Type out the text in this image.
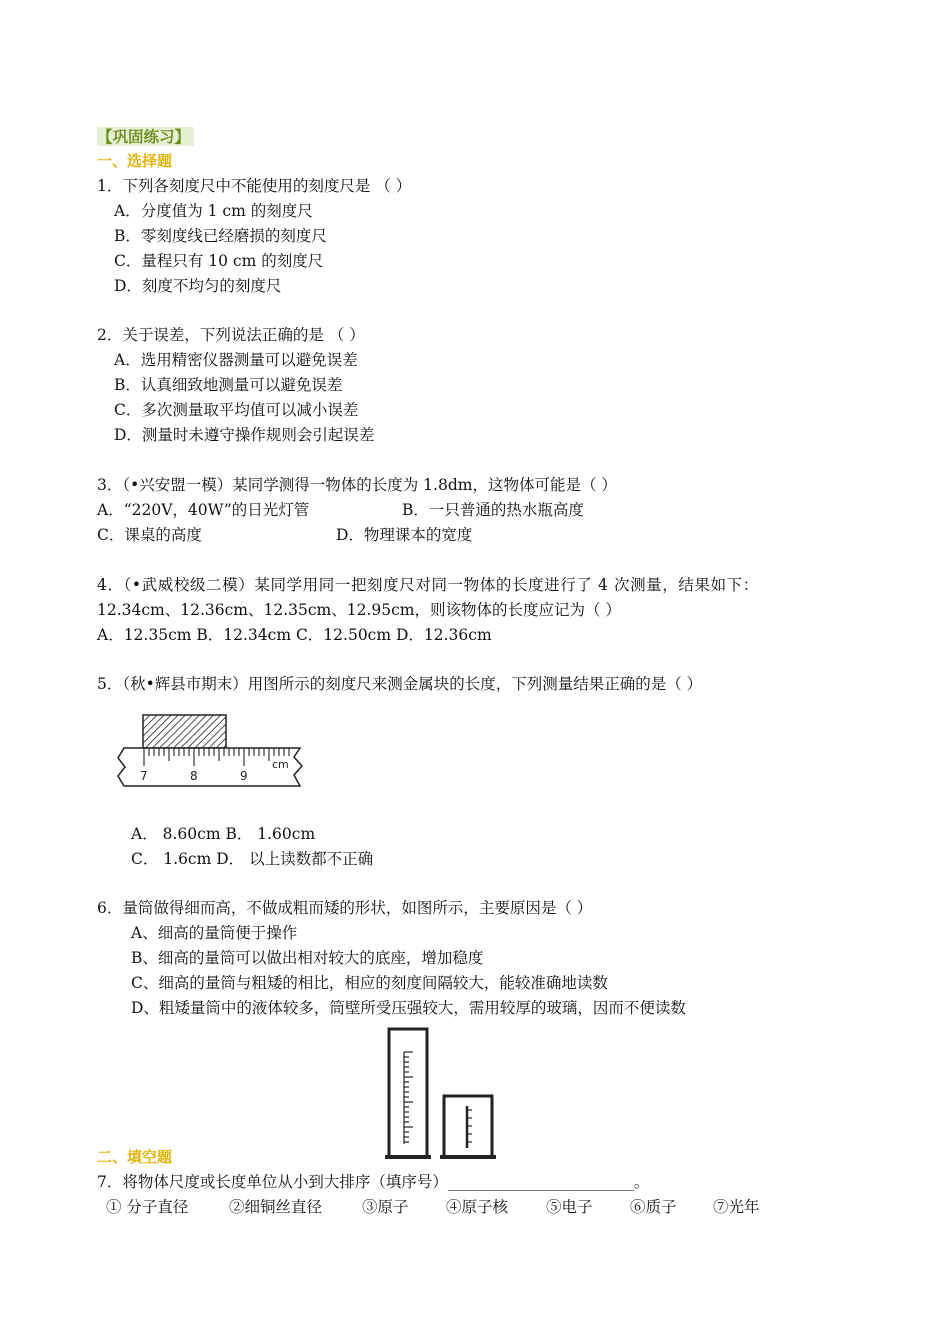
【巩固练习】
一、选择题
1．下列各刻度尺中不能使用的刻度尺是 （ ）
A．分度值为 1 cm 的刻度尺
B．零刻度线已经磨损的刻度尺
C．量程只有 10 cm 的刻度尺
D．刻度不均匀的刻度尺
2．关于误差，下列说法正确的是 （ ）
A．选用精密仪器测量可以避免误差
B．认真细致地测量可以避免误差
C．多次测量取平均值可以减小误差
D．测量时未遵守操作规则会引起误差
3．（•兴安盟一模）某同学测得一物体的长度为 1.8dm，这物体可能是（ ）
A．“220V，40W”的日光灯管	B．一只普通的热水瓶高度
C．课桌的高度	D．物理课本的宽度
4．（•武威校级二模）某同学用同一把刻度尺对同一物体的长度进行了 4 次测量，结果如下：
12.34cm、12.36cm、12.35cm、12.95cm，则该物体的长度应记为（ ）
A．12.35cm B．12.34cm C．12.50cm D．12.36cm
5．（秋•辉县市期末）用图所示的刻度尺来测金属块的长度，下列测量结果正确的是（ ）
7	8	9
cm
A． 8.60cm B． 1.60cm
C． 1.6cm D． 以上读数都不正确
6．量筒做得细而高，不做成粗而矮的形状，如图所示，主要原因是（ ）
A、细高的量筒便于操作
B、细高的量筒可以做出相对较大的底座，增加稳度
C、细高的量筒与粗矮的相比，相应的刻度间隔较大，能较准确地读数
D、粗矮量筒中的液体较多，筒壁所受压强较大，需用较厚的玻璃，因而不便读数
二、填空题
7．将物体尺度或长度单位从小到大排序（填序号）________________________。
① 分子直径	②细铜丝直径	③原子 ④原子核 ⑤电子 ⑥质子 ⑦光年
